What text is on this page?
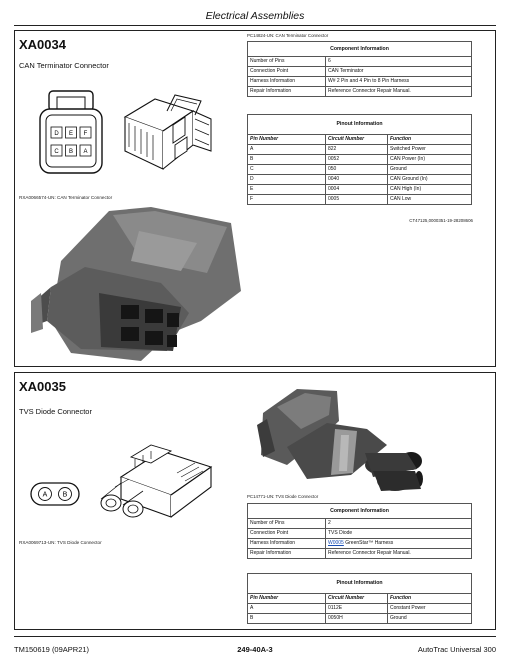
Electrical Assemblies
XA0034
CAN Terminator Connector
D E F
C B A
RXA0066574-UN: CAN Terminator Connector
PC14824-UN: CAN Terminator Connector
Component Information	
Number of Pins	6
Connection Point	CAN Terminator
Harness Information	W# 2 Pin and 4 Pin to 8 Pin Harness
Repair Information	Reference Connector Repair Manual.
Pinout Information		
Pin Number	Circuit Number	Function
A	822	Switched Power
B	0052	CAN Power (In)
C	050	Ground
D	0040	CAN Ground (In)
E	0004	CAN High (In)
F	0005	CAN Low
CT47125,0000351-19-28208606
XA0035
TVS Diode Connector
A B
RXA0069713-UN: TVS Diode Connector
PC14771-UN: TVS Diode Connector
Component Information	
Number of Pins	2
Connection Point	TVS Diode
Harness Information	W0005 GreenStar™ Harness
Repair Information	Reference Connector Repair Manual.
Pinout Information		
Pin Number	Circuit Number	Function
A	0112E	Constant Power
B	0050H	Ground
TM150619 (09APR21)	249-40A-3	AutoTrac Universal 300
